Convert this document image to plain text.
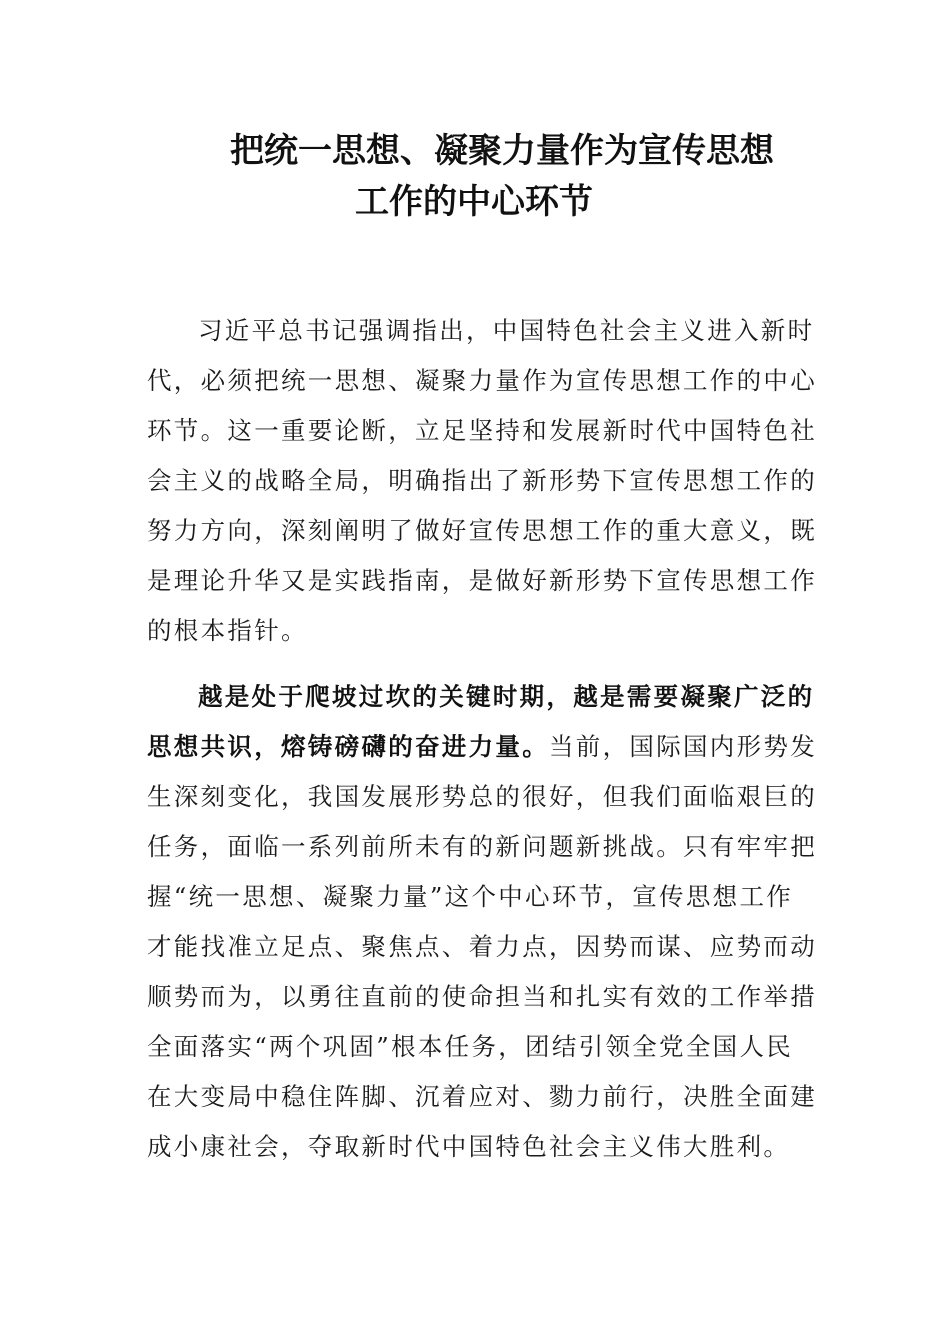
把统一思想、凝聚力量作为宣传思想
工作的中心环节
习近平总书记强调指出，中国特色社会主义进入新时
代，必须把统一思想、凝聚力量作为宣传思想工作的中心
环节。这一重要论断，立足坚持和发展新时代中国特色社
会主义的战略全局，明确指出了新形势下宣传思想工作的
努力方向，深刻阐明了做好宣传思想工作的重大意义，既
是理论升华又是实践指南，是做好新形势下宣传思想工作
的根本指针。
越是处于爬坡过坎的关键时期，越是需要凝聚广泛的
思想共识，熔铸磅礴的奋进力量。当前，国际国内形势发
生深刻变化，我国发展形势总的很好，但我们面临艰巨的
任务，面临一系列前所未有的新问题新挑战。只有牢牢把
握“统一思想、凝聚力量”这个中心环节，宣传思想工作
才能找准立足点、聚焦点、着力点，因势而谋、应势而动
顺势而为，以勇往直前的使命担当和扎实有效的工作举措
全面落实“两个巩固”根本任务，团结引领全党全国人民
在大变局中稳住阵脚、沉着应对、勠力前行，决胜全面建
成小康社会，夺取新时代中国特色社会主义伟大胜利。
